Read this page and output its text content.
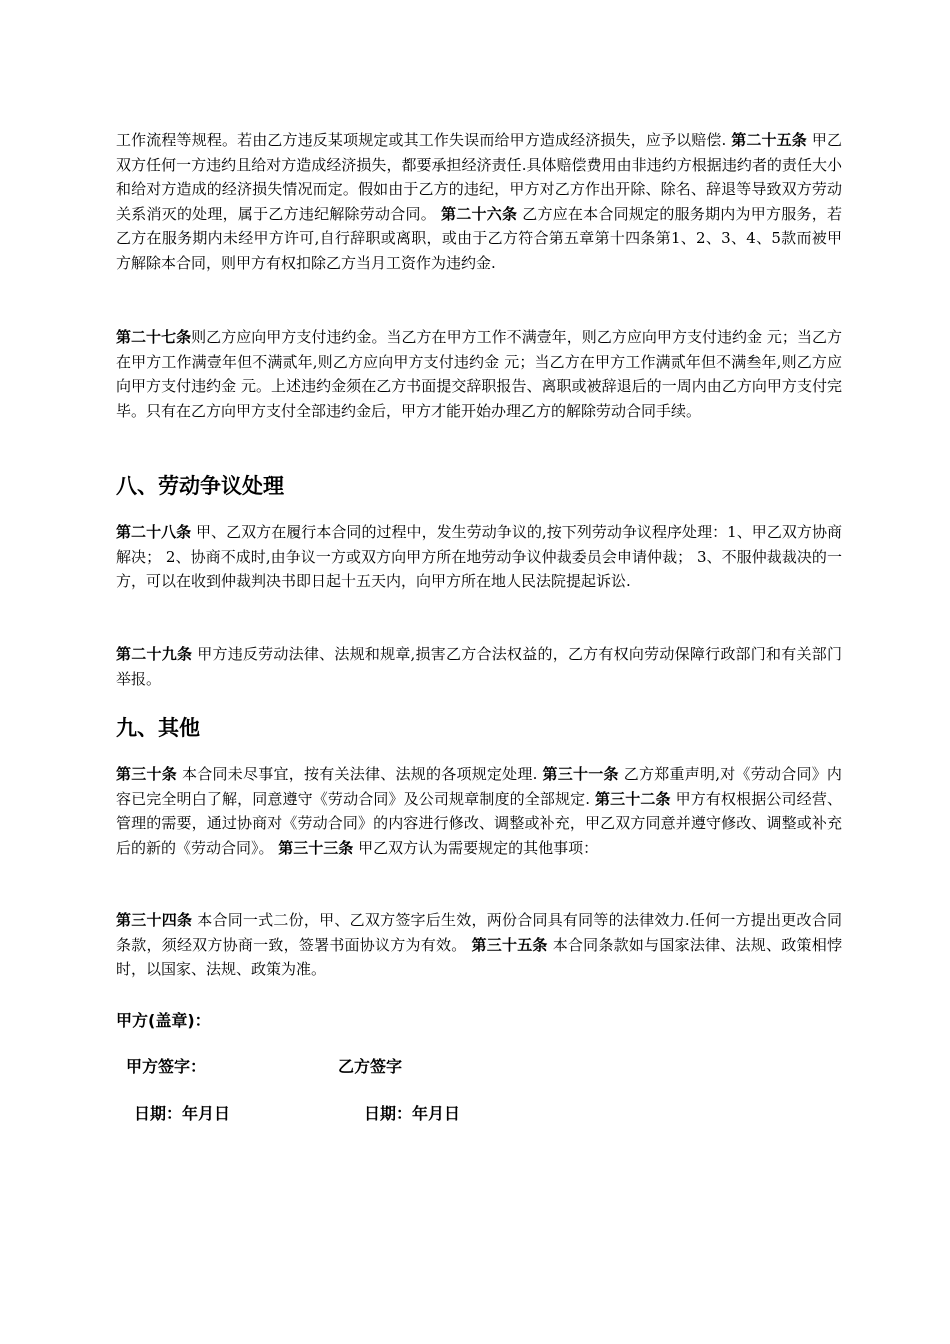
工作流程等规程。若由乙方违反某项规定或其工作失误而给甲方造成经济损失，应予以赔偿. 第二十五条 甲乙双方任何一方违约且给对方造成经济损失，都要承担经济责任.具体赔偿费用由非违约方根据违约者的责任大小和给对方造成的经济损失情况而定。假如由于乙方的违纪，甲方对乙方作出开除、除名、辞退等导致双方劳动关系消灭的处理，属于乙方违纪解除劳动合同。 第二十六条 乙方应在本合同规定的服务期内为甲方服务，若乙方在服务期内未经甲方许可,自行辞职或离职，或由于乙方符合第五章第十四条第1、2、3、4、5款而被甲方解除本合同，则甲方有权扣除乙方当月工资作为违约金.

第二十七条则乙方应向甲方支付违约金。当乙方在甲方工作不满壹年，则乙方应向甲方支付违约金 元；当乙方在甲方工作满壹年但不满贰年,则乙方应向甲方支付违约金 元；当乙方在甲方工作满贰年但不满叁年,则乙方应向甲方支付违约金 元。上述违约金须在乙方书面提交辞职报告、离职或被辞退后的一周内由乙方向甲方支付完毕。只有在乙方向甲方支付全部违约金后，甲方才能开始办理乙方的解除劳动合同手续。

八、劳动争议处理

第二十八条 甲、乙双方在履行本合同的过程中，发生劳动争议的,按下列劳动争议程序处理：1、甲乙双方协商解决； 2、协商不成时,由争议一方或双方向甲方所在地劳动争议仲裁委员会申请仲裁； 3、不服仲裁裁决的一方，可以在收到仲裁判决书即日起十五天内，向甲方所在地人民法院提起诉讼.

第二十九条 甲方违反劳动法律、法规和规章,损害乙方合法权益的，乙方有权向劳动保障行政部门和有关部门举报。

九、其他

第三十条 本合同未尽事宜，按有关法律、法规的各项规定处理. 第三十一条 乙方郑重声明,对《劳动合同》内容已完全明白了解，同意遵守《劳动合同》及公司规章制度的全部规定. 第三十二条 甲方有权根据公司经营、管理的需要，通过协商对《劳动合同》的内容进行修改、调整或补充，甲乙双方同意并遵守修改、调整或补充后的新的《劳动合同》。 第三十三条 甲乙双方认为需要规定的其他事项：

第三十四条 本合同一式二份，甲、乙双方签字后生效，两份合同具有同等的法律效力.任何一方提出更改合同条款，须经双方协商一致，签署书面协议方为有效。 第三十五条 本合同条款如与国家法律、法规、政策相悖时，以国家、法规、政策为准。

甲方(盖章)：
甲方签字：	乙方签字
日期：年月日	日期：年月日
